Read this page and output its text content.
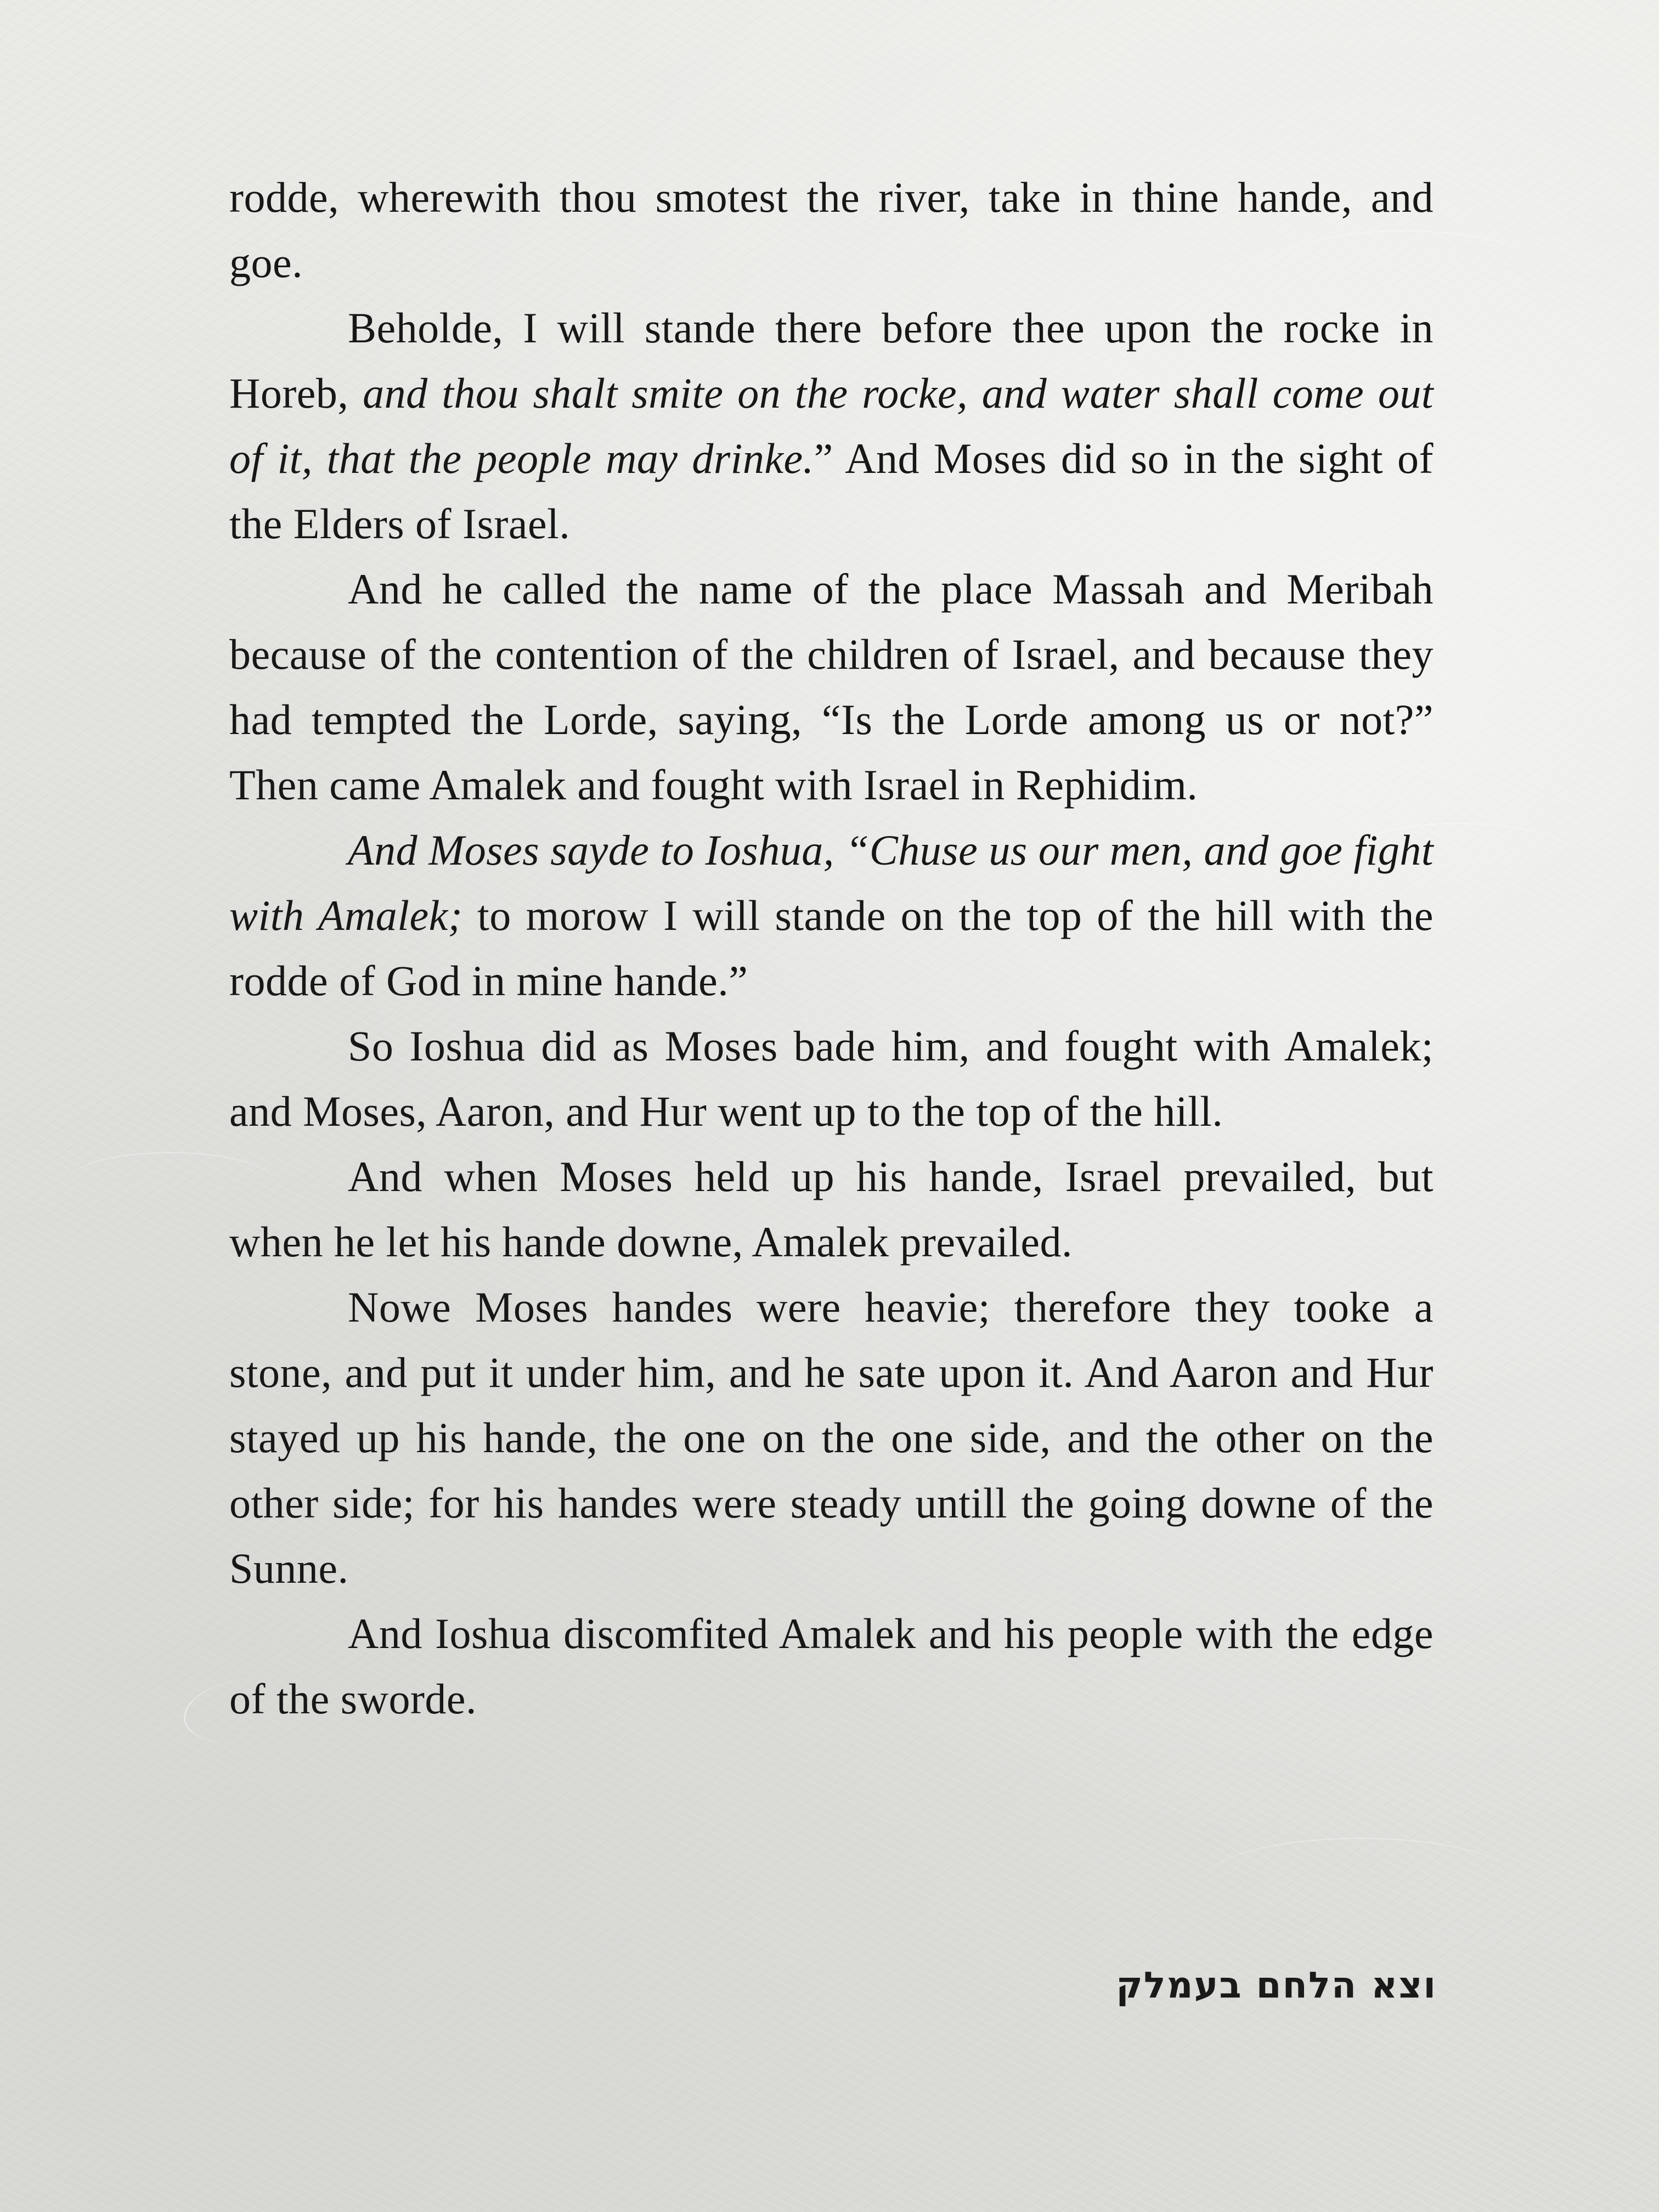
rodde, wherewith thou smotest the river, take in thine hande, and goe.

Beholde, I will stande there before thee upon the rocke in Horeb, and thou shalt smite on the rocke, and water shall come out of it, that the people may drinke.” And Moses did so in the sight of the Elders of Israel.

And he called the name of the place Massah and Meribah because of the contention of the children of Israel, and because they had tempted the Lorde, saying, “Is the Lorde among us or not?” Then came Amalek and fought with Israel in Rephidim.

And Moses sayde to Ioshua, “Chuse us our men, and goe fight with Amalek; to morow I will stande on the top of the hill with the rodde of God in mine hande.”

So Ioshua did as Moses bade him, and fought with Amalek; and Moses, Aaron, and Hur went up to the top of the hill.

And when Moses held up his hande, Israel prevailed, but when he let his hande downe, Amalek prevailed.

Nowe Moses handes were heavie; therefore they tooke a stone, and put it under him, and he sate upon it. And Aaron and Hur stayed up his hande, the one on the one side, and the other on the other side; for his handes were steady untill the going downe of the Sunne.

And Ioshua discomfited Amalek and his people with the edge of the sworde.

וצא הלחם בעמלק
